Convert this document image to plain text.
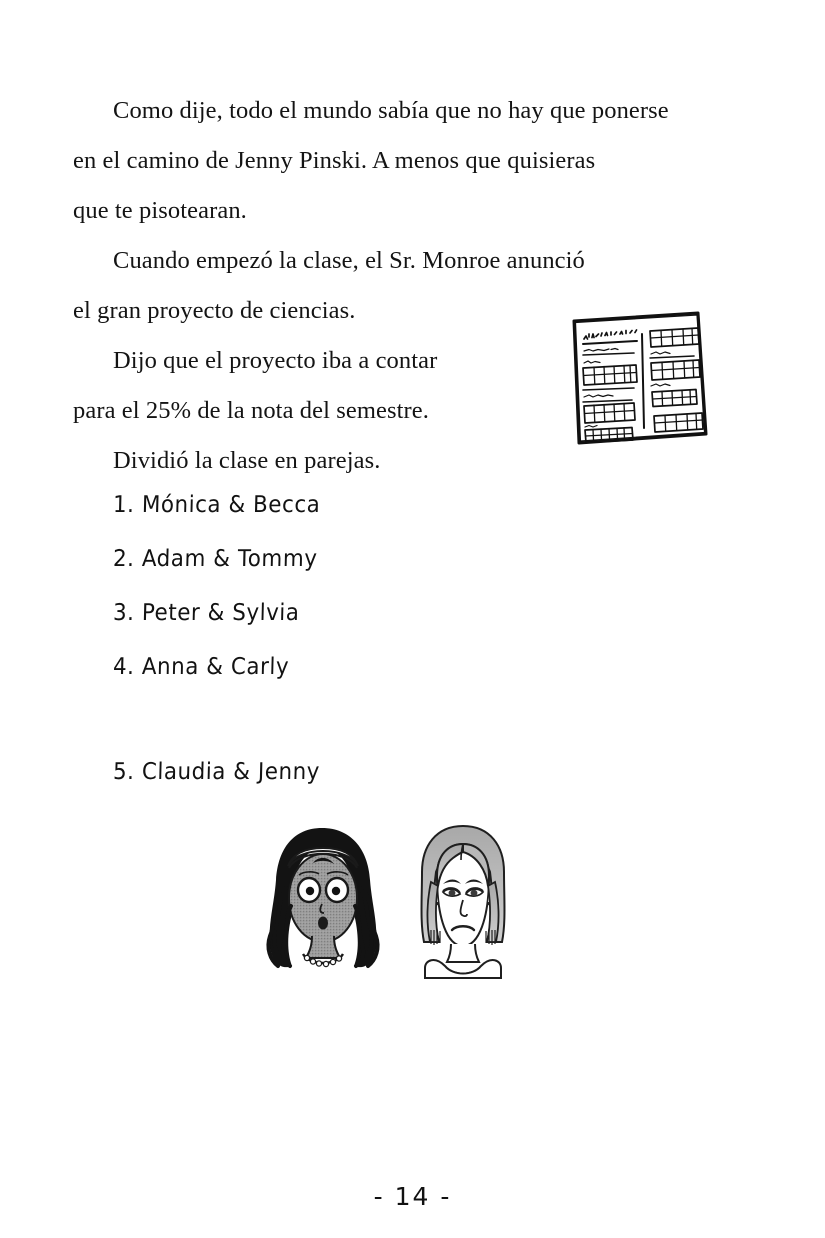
Como dije, todo el mundo sabía que no hay que ponerse
en el camino de Jenny Pinski. A menos que quisieras
que te pisotearan.

Cuando empezó la clase, el Sr. Monroe anunció
el gran proyecto de ciencias.

Dijo que el proyecto iba a contar
para el 25% de la nota del semestre.

Dividió la clase en parejas.

1. Mónica & Becca
2. Adam & Tommy
3. Peter & Sylvia
4. Anna & Carly
5. Claudia & Jenny
- 14 -
